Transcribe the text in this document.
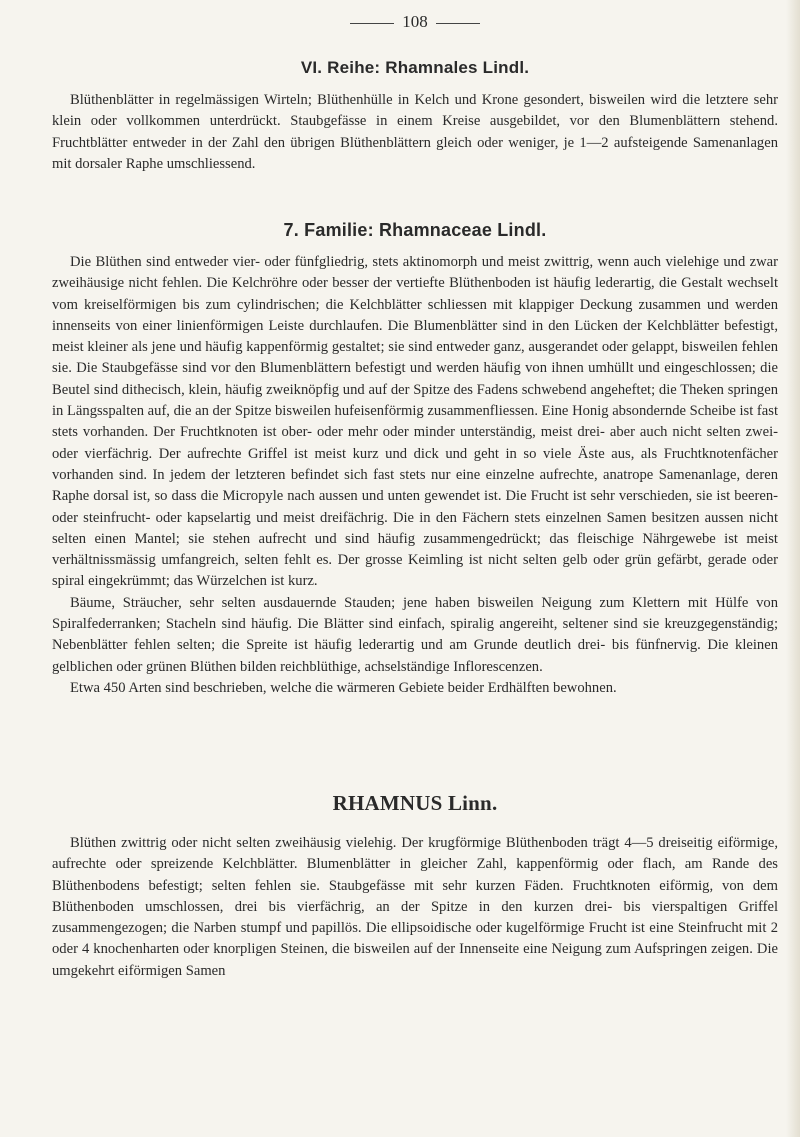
108
VI. Reihe: Rhamnales Lindl.

Blüthenblätter in regelmässigen Wirteln; Blüthenhülle in Kelch und Krone gesondert, bisweilen wird die letztere sehr klein oder vollkommen unterdrückt. Staubgefässe in einem Kreise ausgebildet, vor den Blumenblättern stehend. Fruchtblätter entweder in der Zahl den übrigen Blüthenblättern gleich oder weniger, je 1—2 aufsteigende Samenanlagen mit dorsaler Raphe umschliessend.

7. Familie: Rhamnaceae Lindl.

Die Blüthen sind entweder vier- oder fünfgliedrig, stets aktinomorph und meist zwittrig, wenn auch vielehige und zwar zweihäusige nicht fehlen. Die Kelchröhre oder besser der vertiefte Blüthenboden ist häufig lederartig, die Gestalt wechselt vom kreiselförmigen bis zum cylindrischen; die Kelchblätter schliessen mit klappiger Deckung zusammen und werden innenseits von einer linienförmigen Leiste durchlaufen. Die Blumenblätter sind in den Lücken der Kelchblätter befestigt, meist kleiner als jene und häufig kappenförmig gestaltet; sie sind entweder ganz, ausgerandet oder gelappt, bisweilen fehlen sie. Die Staubgefässe sind vor den Blumenblättern befestigt und werden häufig von ihnen umhüllt und eingeschlossen; die Beutel sind dithecisch, klein, häufig zweiknöpfig und auf der Spitze des Fadens schwebend angeheftet; die Theken springen in Längsspalten auf, die an der Spitze bisweilen hufeisenförmig zusammenfliessen. Eine Honig absondernde Scheibe ist fast stets vorhanden. Der Fruchtknoten ist ober- oder mehr oder minder unterständig, meist drei- aber auch nicht selten zwei- oder vierfächrig. Der aufrechte Griffel ist meist kurz und dick und geht in so viele Äste aus, als Fruchtknotenfächer vorhanden sind. In jedem der letzteren befindet sich fast stets nur eine einzelne aufrechte, anatrope Samenanlage, deren Raphe dorsal ist, so dass die Micropyle nach aussen und unten gewendet ist. Die Frucht ist sehr verschieden, sie ist beeren- oder steinfrucht- oder kapselartig und meist dreifächrig. Die in den Fächern stets einzelnen Samen besitzen aussen nicht selten einen Mantel; sie stehen aufrecht und sind häufig zusammengedrückt; das fleischige Nährgewebe ist meist verhältnissmässig umfangreich, selten fehlt es. Der grosse Keimling ist nicht selten gelb oder grün gefärbt, gerade oder spiral eingekrümmt; das Würzelchen ist kurz.

Bäume, Sträucher, sehr selten ausdauernde Stauden; jene haben bisweilen Neigung zum Klettern mit Hülfe von Spiralfederranken; Stacheln sind häufig. Die Blätter sind einfach, spiralig angereiht, seltener sind sie kreuzgegenständig; Nebenblätter fehlen selten; die Spreite ist häufig lederartig und am Grunde deutlich drei- bis fünfnervig. Die kleinen gelblichen oder grünen Blüthen bilden reichblüthige, achselständige Inflorescenzen.

Etwa 450 Arten sind beschrieben, welche die wärmeren Gebiete beider Erdhälften bewohnen.

RHAMNUS Linn.

Blüthen zwittrig oder nicht selten zweihäusig vielehig. Der krugförmige Blüthenboden trägt 4—5 dreiseitig eiförmige, aufrechte oder spreizende Kelchblätter. Blumenblätter in gleicher Zahl, kappenförmig oder flach, am Rande des Blüthenbodens befestigt; selten fehlen sie. Staubgefässe mit sehr kurzen Fäden. Fruchtknoten eiförmig, von dem Blüthenboden umschlossen, drei bis vierfächrig, an der Spitze in den kurzen drei- bis vierspaltigen Griffel zusammengezogen; die Narben stumpf und papillös. Die ellipsoidische oder kugelförmige Frucht ist eine Steinfrucht mit 2 oder 4 knochenharten oder knorpligen Steinen, die bisweilen auf der Innenseite eine Neigung zum Aufspringen zeigen. Die umgekehrt eiförmigen Samen
